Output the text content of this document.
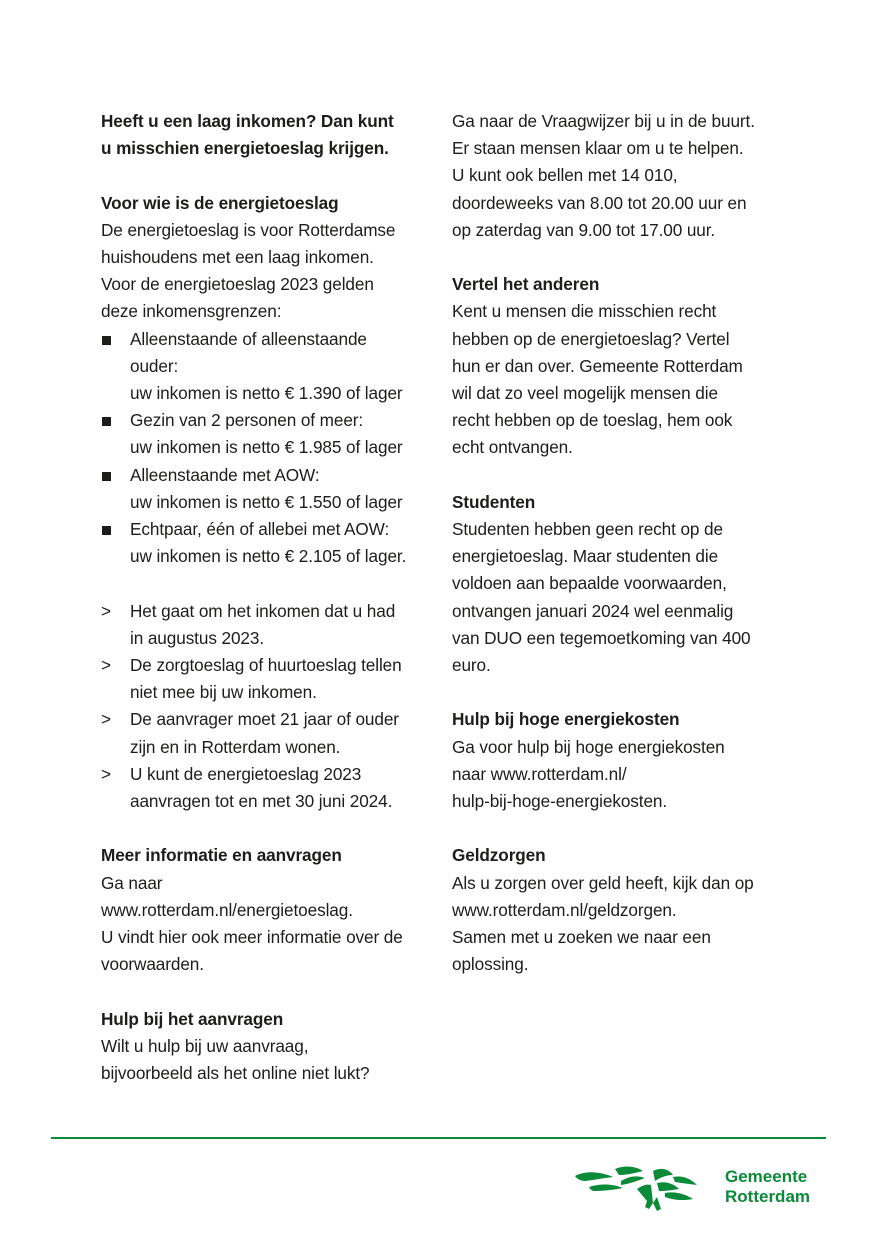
Heeft u een laag inkomen? Dan kunt
u misschien energietoeslag krijgen.
Voor wie is de energietoeslag
De energietoeslag is voor Rotterdamse
huishoudens met een laag inkomen.
Voor de energietoeslag 2023 gelden
deze inkomensgrenzen:
Alleenstaande of alleenstaande
ouder:
uw inkomen is netto € 1.390 of lager
Gezin van 2 personen of meer:
uw inkomen is netto € 1.985 of lager
Alleenstaande met AOW:
uw inkomen is netto € 1.550 of lager
Echtpaar, één of allebei met AOW:
uw inkomen is netto € 2.105 of lager.
> Het gaat om het inkomen dat u had
in augustus 2023.
> De zorgtoeslag of huurtoeslag tellen
niet mee bij uw inkomen.
> De aanvrager moet 21 jaar of ouder
zijn en in Rotterdam wonen.
> U kunt de energietoeslag 2023
aanvragen tot en met 30 juni 2024.
Meer informatie en aanvragen
Ga naar
www.rotterdam.nl/energietoeslag.
U vindt hier ook meer informatie over de
voorwaarden.
Hulp bij het aanvragen
Wilt u hulp bij uw aanvraag,
bijvoorbeeld als het online niet lukt?
Ga naar de Vraagwijzer bij u in de buurt.
Er staan mensen klaar om u te helpen.
U kunt ook bellen met 14 010,
doordeweeks van 8.00 tot 20.00 uur en
op zaterdag van 9.00 tot 17.00 uur.
Vertel het anderen
Kent u mensen die misschien recht
hebben op de energietoeslag? Vertel
hun er dan over. Gemeente Rotterdam
wil dat zo veel mogelijk mensen die
recht hebben op de toeslag, hem ook
echt ontvangen.
Studenten
Studenten hebben geen recht op de
energietoeslag. Maar studenten die
voldoen aan bepaalde voorwaarden,
ontvangen januari 2024 wel eenmalig
van DUO een tegemoetkoming van 400
euro.
Hulp bij hoge energiekosten
Ga voor hulp bij hoge energiekosten
naar www.rotterdam.nl/
hulp-bij-hoge-energiekosten.
Geldzorgen
Als u zorgen over geld heeft, kijk dan op
www.rotterdam.nl/geldzorgen.
Samen met u zoeken we naar een
oplossing.
Gemeente
Rotterdam
